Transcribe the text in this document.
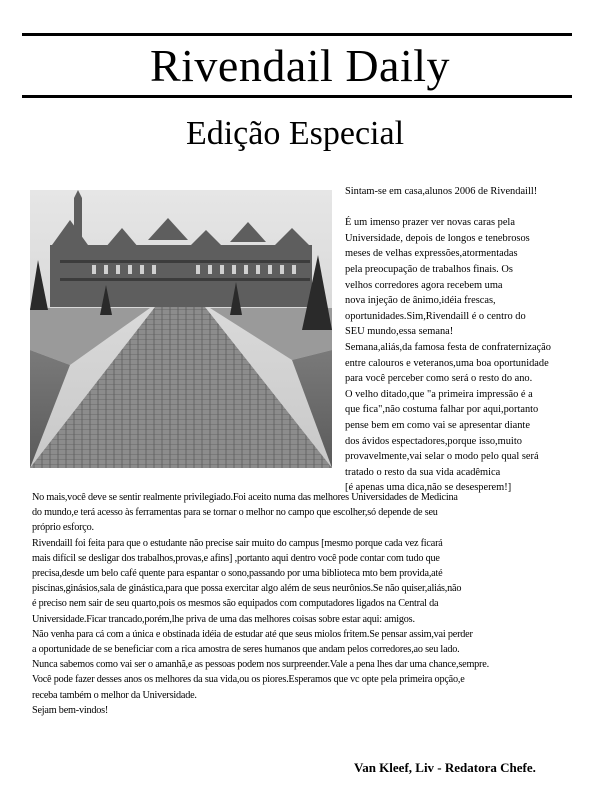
Rivendail Daily
Edição Especial
Sintam-se em casa,alunos 2006 de Rivendaill!
É um imenso prazer ver novas caras pela
Universidade, depois de longos e tenebrosos
meses de velhas expressões,atormentadas
pela preocupação de trabalhos finais. Os
velhos corredores agora recebem uma
nova injeção de ânimo,idéia frescas,
oportunidades.Sim,Rivendaill é o centro do
SEU mundo,essa semana!
Semana,aliás,da famosa festa de confraternização
entre calouros e veteranos,uma boa oportunidade
para você perceber como será o resto do ano.
O velho ditado,que "a primeira impressão é a
que fica",não costuma falhar por aqui,portanto
pense bem em como vai se apresentar diante
dos ávidos espectadores,porque isso,muito
provavelmente,vai selar o modo pelo qual será
tratado o resto da sua vida acadêmica
[é apenas uma dica,não se desesperem!]
No mais,você deve se sentir realmente privilegiado.Foi aceito numa das melhores Universidades de Medicina
do mundo,e terá acesso às ferramentas para se tornar o melhor no campo que escolher,só depende de seu
próprio esforço.
Rivendaill foi feita para que o estudante não precise sair muito do campus [mesmo porque cada vez ficará
mais difícil se desligar dos trabalhos,provas,e afins] ,portanto aqui dentro você pode contar com tudo que
precisa,desde um belo café quente para espantar o sono,passando por uma biblioteca mto bem provida,até
piscinas,ginásios,sala de ginástica,para que possa exercitar algo além de seus neurônios.Se não quiser,aliás,não
é preciso nem sair de seu quarto,pois os mesmos são equipados com computadores ligados na Central da
Universidade.Ficar trancado,porém,lhe priva de uma das melhores coisas sobre estar aqui: amigos.
Não venha para cá com a única e obstinada idéia de estudar até que seus miolos fritem.Se pensar assim,vai perder
a oportunidade de se beneficiar com a rica amostra de seres humanos que andam pelos corredores,ao seu lado.
Nunca sabemos como vai ser o amanhã,e as pessoas podem nos surpreender.Vale a pena lhes dar uma chance,sempre.
Você pode fazer desses anos os melhores da sua vida,ou os piores.Esperamos que vc opte pela primeira opção,e
receba também o melhor da Universidade.
Sejam bem-vindos!
Van Kleef, Liv - Redatora Chefe.
